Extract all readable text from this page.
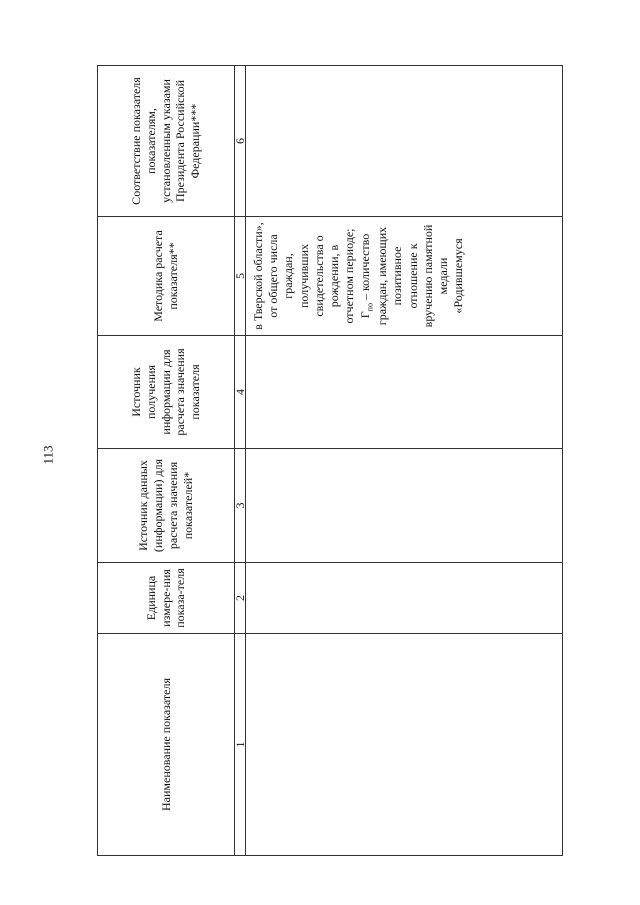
113
Наименование показателя	Единица измере-ния показа-теля	Источник данных (информации) для расчета значения показателей*	Источник получения информации для расчета значения показателя	Методика расчета показателя**	Соответствие показателя показателям, установленным указами Президента Российской Федерации***
1	2	3	4	5	6

				в Тверской области», от общего числа граждан, получивших свидетельства о рождении, в отчетном периоде; $Г_{по}$ – количество граждан, имеющих позитивное отношение к вручению памятной медали «Родившемуся	
